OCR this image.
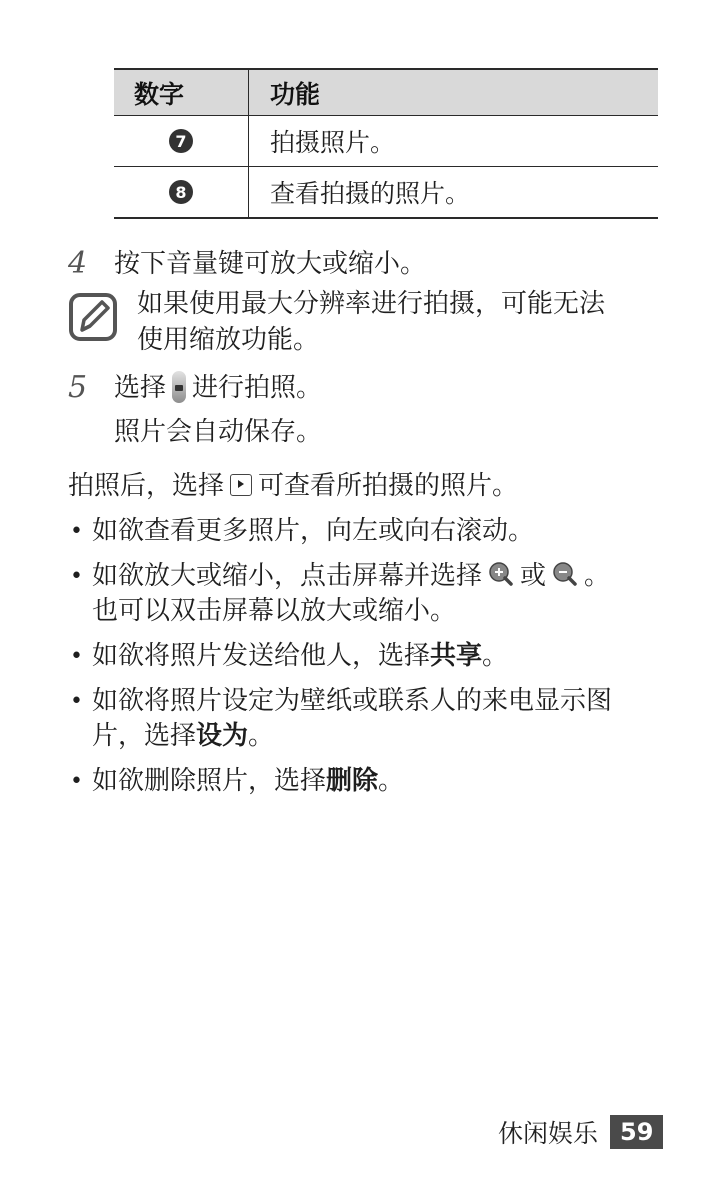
数字	功能
7	拍摄照片。
8	查看拍摄的照片。
4	按下音量键可放大或缩小。
如果使用最大分辨率进行拍摄，可能无法
使用缩放功能。
5	选择 进行拍照。
照片会自动保存。
拍照后，选择 可查看所拍摄的照片。
• 如欲查看更多照片，向左或向右滚动。
• 如欲放大或缩小，点击屏幕并选择 或 。
也可以双击屏幕以放大或缩小。
• 如欲将照片发送给他人，选择共享。
• 如欲将照片设定为壁纸或联系人的来电显示图
片，选择设为。
• 如欲删除照片，选择删除。
休闲娱乐 59
